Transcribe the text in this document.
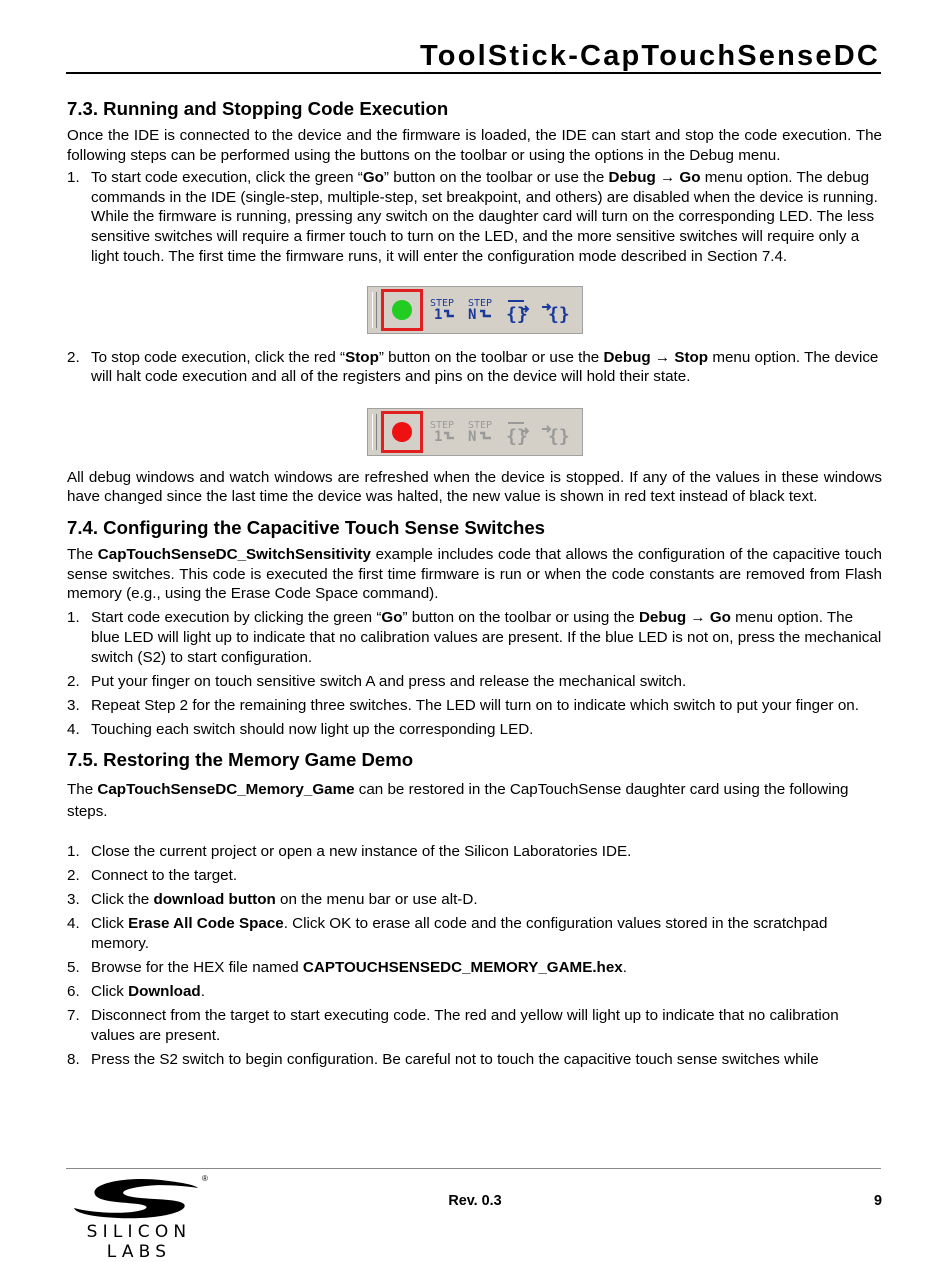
ToolStick-CapTouchSenseDC
7.3. Running and Stopping Code Execution

Once the IDE is connected to the device and the firmware is loaded, the IDE can start and stop the code execution. The following steps can be performed using the buttons on the toolbar or using the options in the Debug menu.

1. To start code execution, click the green “Go” button on the toolbar or use the Debug → Go menu option. The debug commands in the IDE (single-step, multiple-step, set breakpoint, and others) are disabled when the device is running. While the firmware is running, pressing any switch on the daughter card will turn on the corresponding LED. The less sensitive switches will require a firmer touch to turn on the LED, and the more sensitive switches will require only a light touch. The first time the firmware runs, it will enter the configuration mode described in Section 7.4.
STEP
1
STEP
N {} {}
2. To stop code execution, click the red “Stop” button on the toolbar or use the Debug → Stop menu option. The device will halt code execution and all of the registers and pins on the device will hold their state.
STEP
1
STEP
N {} {}

All debug windows and watch windows are refreshed when the device is stopped. If any of the values in these windows have changed since the last time the device was halted, the new value is shown in red text instead of black text.

7.4. Configuring the Capacitive Touch Sense Switches

The CapTouchSenseDC_SwitchSensitivity example includes code that allows the configuration of the capacitive touch sense switches. This code is executed the first time firmware is run or when the code constants are removed from Flash memory (e.g., using the Erase Code Space command).

1. Start code execution by clicking the green “Go” button on the toolbar or using the Debug → Go menu option. The blue LED will light up to indicate that no calibration values are present. If the blue LED is not on, press the mechanical switch (S2) to start configuration.
2. Put your finger on touch sensitive switch A and press and release the mechanical switch.
3. Repeat Step 2 for the remaining three switches. The LED will turn on to indicate which switch to put your finger on.
4. Touching each switch should now light up the corresponding LED.
7.5. Restoring the Memory Game Demo

The CapTouchSenseDC_Memory_Game can be restored in the CapTouchSense daughter card using the following steps.

1. Close the current project or open a new instance of the Silicon Laboratories IDE.
2. Connect to the target.
3. Click the download button on the menu bar or use alt-D.
4. Click Erase All Code Space. Click OK to erase all code and the configuration values stored in the scratchpad memory.
5. Browse for the HEX file named CAPTOUCHSENSEDC_MEMORY_GAME.hex.
6. Click Download.
7. Disconnect from the target to start executing code. The red and yellow will light up to indicate that no calibration values are present.
8. Press the S2 switch to begin configuration. Be careful not to touch the capacitive touch sense switches while
®
SILICON LABS
Rev. 0.3	9
